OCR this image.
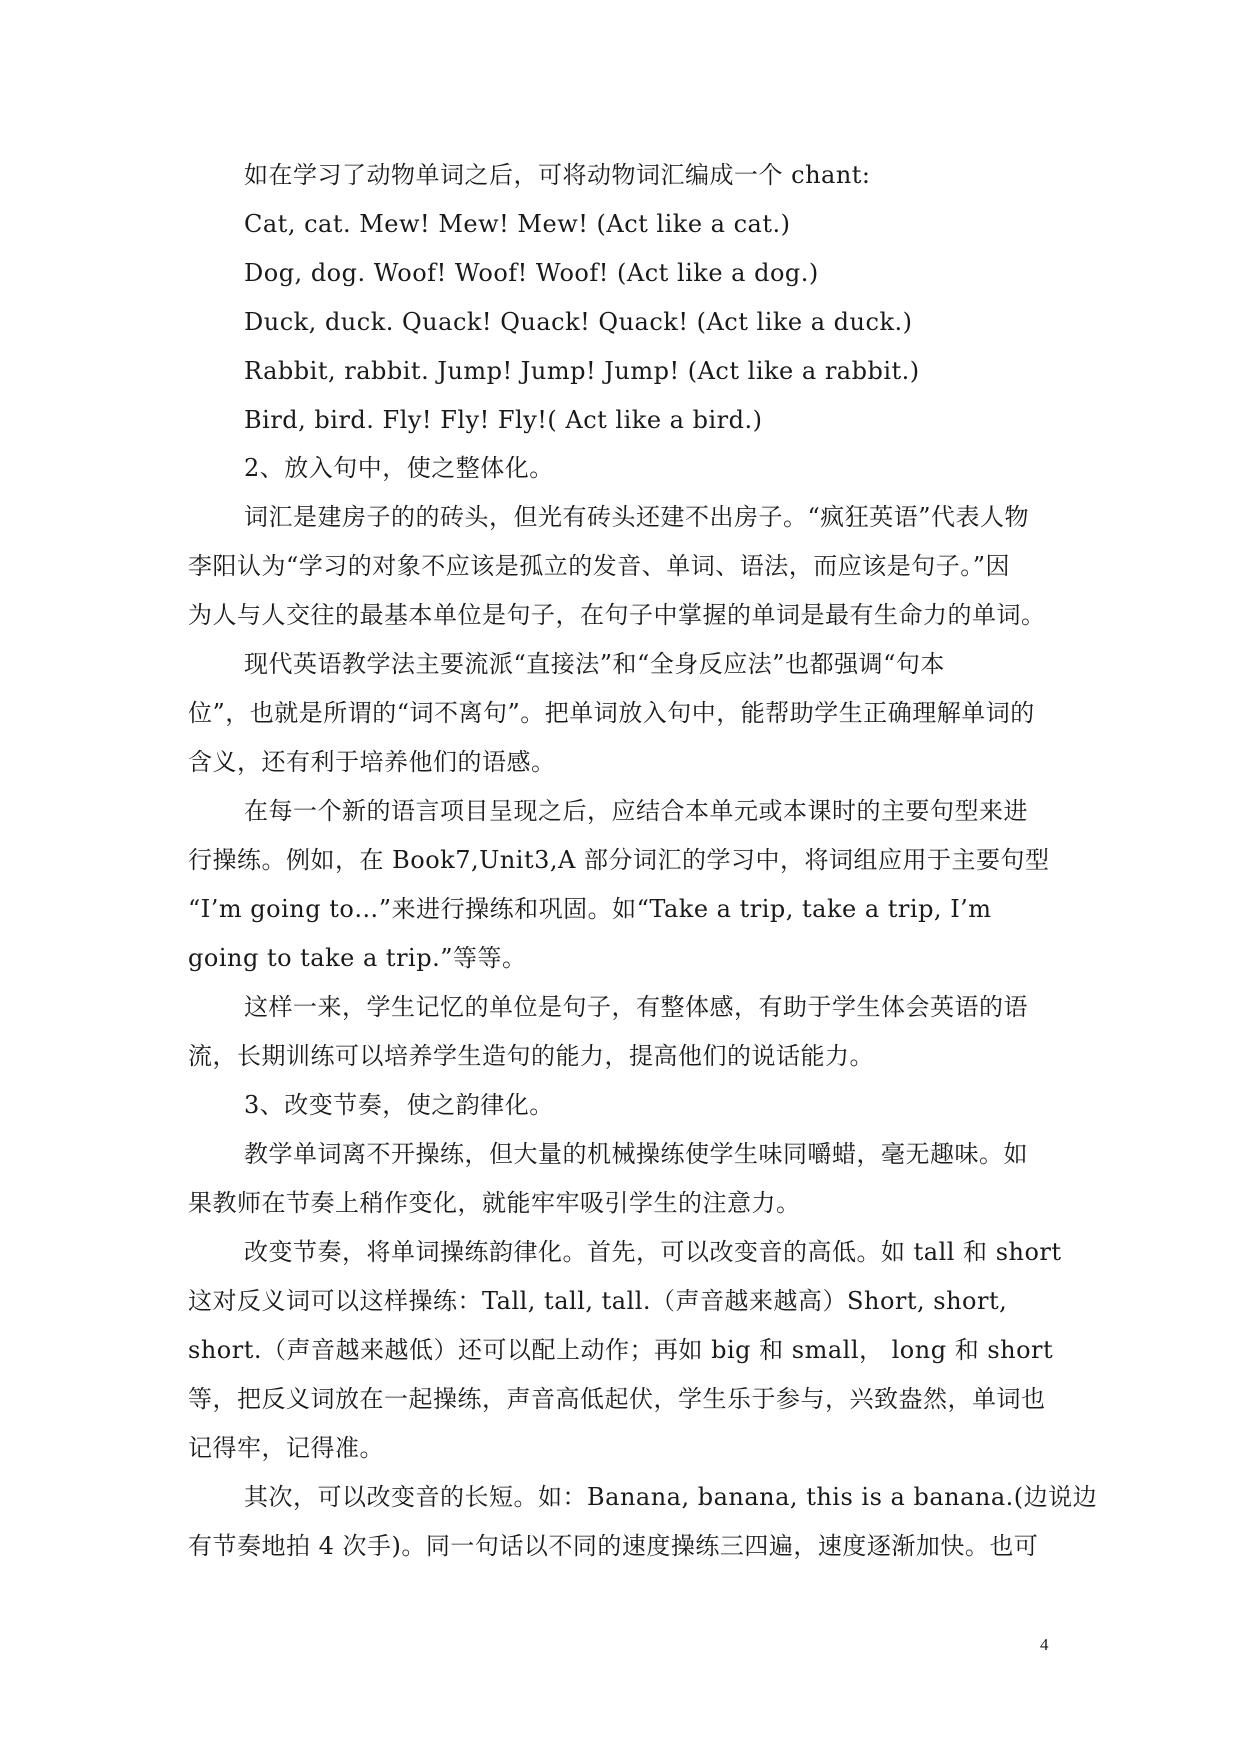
如在学习了动物单词之后，可将动物词汇编成一个 chant:
Cat, cat. Mew! Mew! Mew! (Act like a cat.)
Dog, dog. Woof! Woof! Woof! (Act like a dog.)
Duck, duck. Quack! Quack! Quack! (Act like a duck.)
Rabbit, rabbit. Jump! Jump! Jump! (Act like a rabbit.)
Bird, bird. Fly! Fly! Fly!( Act like a bird.)
2、放入句中，使之整体化。
词汇是建房子的的砖头，但光有砖头还建不出房子。“疯狂英语”代表人物
李阳认为“学习的对象不应该是孤立的发音、单词、语法，而应该是句子。”因
为人与人交往的最基本单位是句子，在句子中掌握的单词是最有生命力的单词。
现代英语教学法主要流派“直接法”和“全身反应法”也都强调“句本
位”，也就是所谓的“词不离句”。把单词放入句中，能帮助学生正确理解单词的
含义，还有利于培养他们的语感。
在每一个新的语言项目呈现之后，应结合本单元或本课时的主要句型来进
行操练。例如，在 Book7,Unit3,A 部分词汇的学习中，将词组应用于主要句型
“I’m going to…”来进行操练和巩固。如“Take a trip, take a trip, I’m
going to take a trip.”等等。
这样一来，学生记忆的单位是句子，有整体感，有助于学生体会英语的语
流，长期训练可以培养学生造句的能力，提高他们的说话能力。
3、改变节奏，使之韵律化。
教学单词离不开操练，但大量的机械操练使学生味同嚼蜡，毫无趣味。如
果教师在节奏上稍作变化，就能牢牢吸引学生的注意力。
改变节奏，将单词操练韵律化。首先，可以改变音的高低。如 tall 和 short
这对反义词可以这样操练：Tall, tall, tall.（声音越来越高）Short, short,
short.（声音越来越低）还可以配上动作；再如 big 和 small， long 和 short
等，把反义词放在一起操练，声音高低起伏，学生乐于参与，兴致盎然，单词也
记得牢，记得准。
其次，可以改变音的长短。如：Banana, banana, this is a banana.(边说边
有节奏地拍 4 次手)。同一句话以不同的速度操练三四遍，速度逐渐加快。也可
4
